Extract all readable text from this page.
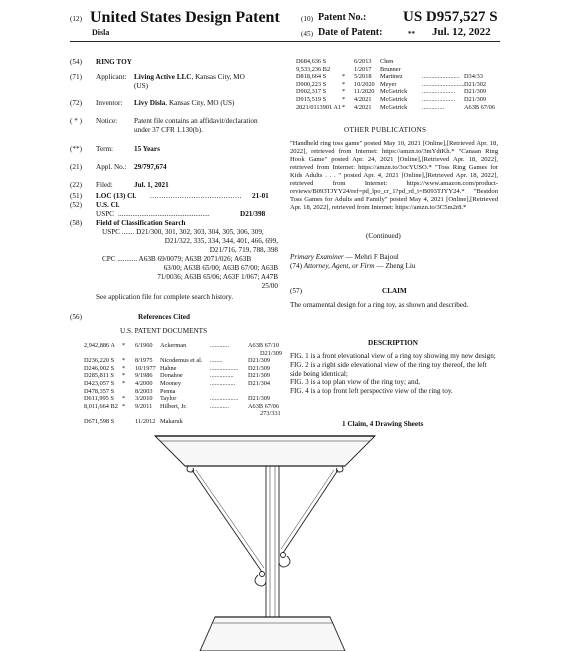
(12) United States Design Patent
Disla
(10) Patent No.: US D957,527 S
(45) Date of Patent:	** Jul. 12, 2022
(54)	RING TOY
(71)	Applicant: Living Active LLC, Kansas City, MO
(US)
(72)	Inventor: Livy Disla, Kansas City, MO (US)
( * )	Notice: Patent file contains an affidavit/declaration
under 37 CFR 1.130(b).
(**)	Term:	15 Years
(21)	Appl. No.: 29/797,674
(22)	Filed:	Jul. 1, 2021
(51)	LOC (13) Cl. ........................................ 21-01
(52)	U.S. Cl.
USPC ...................................................	D21/398
(58)	Field of Classification Search
USPC ....... D21/300, 301, 302, 303, 304, 305, 306, 309,
D21/322, 335, 334, 344, 401, 466, 699,
D21/716, 719, 788, 398
CPC ........... A63B 69/0079; A63B 2071/026; A63B
63/00; A63B 65/00; A63B 67/00; A63B
71/0036; A63B 65/06; A63F 1/067; A47B
25/00
See application file for complete search history.
(56)	References Cited
U.S. PATENT DOCUMENTS
2,942,886 A * 6/1960 Ackerman	............	A63B 67/10
D21/309
D236,220 S * 8/1975 Nicodemus et al. ........	D21/309
D246,002 S * 10/1977 Hahne	.................. D21/309
D285,811 S * 9/1986 Donahoe	............... D21/309
D423,057 S * 4/2000 Mooney	................ D21/304
D478,357 S	8/2003 Penna
D611,995 S * 3/2010 Taylor	.................. D21/309
8,011,664 B2 * 9/2011 Hilbert, Jr.	............	A63B 67/06
273/331
D671,598 S	11/2012 Makaruk
D684,636 S	6/2013 Chen
9,533,236 B2	1/2017 Brunner
D818,664 S	* 5/2018 Martinez	........................ D34/33
D900,223 S	* 10/2020 Meyer	........................... D21/302
D902,317 S	* 11/2020 McGetrick ..................... D21/309
D915,519 S	* 4/2021 McGetrick ..................... D21/309
2021/0113901 A1 * 4/2021 McGetrick ..............	A63B 67/06
OTHER PUBLICATIONS
"Handheld ring toss game" posted May 10, 2021 [Online],[Retrieved Apr. 18, 2022], retrieved from Internet: https://amzn.to/3mYdtKh.* "Canaan Ring Hook Game" posted Apr. 24, 2021 [Online],[Retrieved Apr. 18, 2022], retrieved from Internet: https://amzn.to/3ocYUSO.* "Toss Ring Games for Kids Adults . . . " posted Apr. 4, 2021 [Online],[Retrieved Apr. 18, 2022], retrieved from Internet: https://www.amazon.com/product-reviews/B093TJYY24/ref=pd_lpo_cr_1?pd_rd_i=B093TJYY24.* "Bestdon Toss Games for Adults and Family" posted May 4, 2021 [Online],[Retrieved Apr. 18, 2022], retrieved from Internet: https://amzn.to/3C5m2r8.*
(Continued)
Primary Examiner — Mehri F Bajoul
(74) Attorney, Agent, or Firm — Zheng Liu
(57)	CLAIM
The ornamental design for a ring toy, as shown and described.
DESCRIPTION
FIG. 1 is a front elevational view of a ring toy showing my new design;
FIG. 2 is a right side elevational view of the ring toy thereof, the left side being identical;
FIG. 3 is a top plan view of the ring toy; and,
FIG. 4 is a top front left perspective view of the ring toy.
1 Claim, 4 Drawing Sheets
